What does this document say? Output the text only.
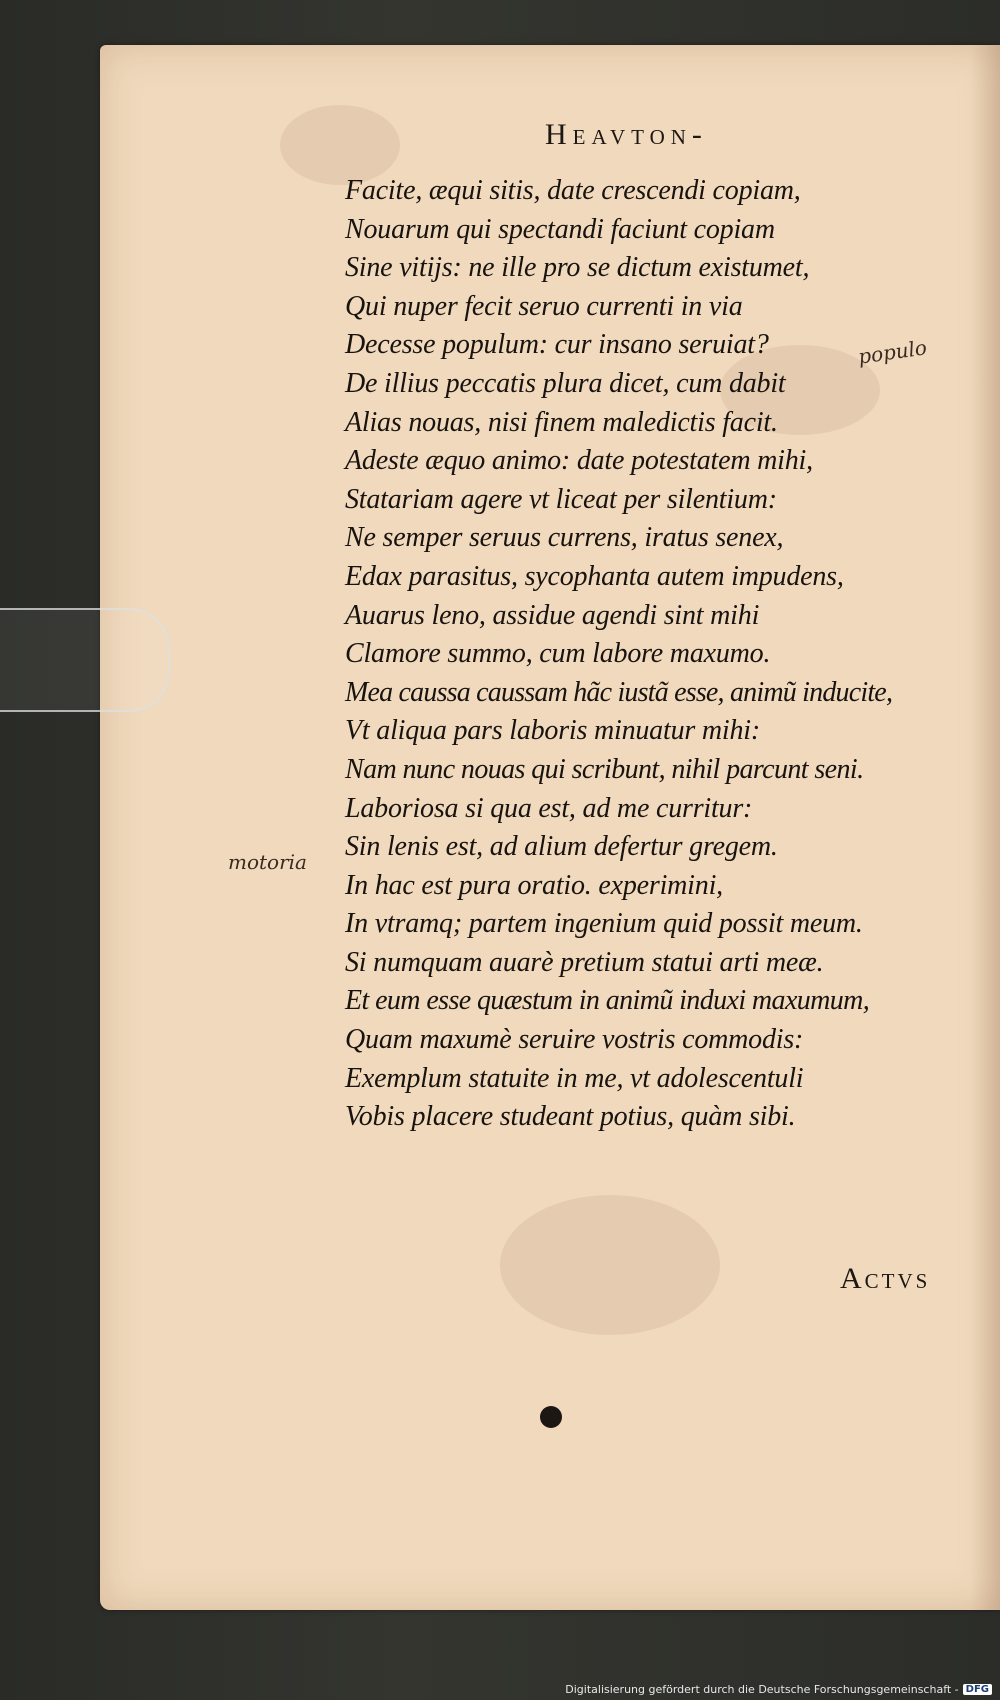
Heavton-
Facite, æqui sitis, date crescendi copiam,
Nouarum qui spectandi faciunt copiam
Sine vitijs: ne ille pro se dictum existumet,
Qui nuper fecit seruo currenti in via
Decesse populum: cur insano seruiat?
De illius peccatis plura dicet, cum dabit
Alias nouas, nisi finem maledictis facit.
Adeste æquo animo: date potestatem mihi,
Statariam agere vt liceat per silentium:
Ne semper seruus currens, iratus senex,
Edax parasitus, sycophanta autem impudens,
Auarus leno, assidue agendi sint mihi
Clamore summo, cum labore maxumo.
Mea caussa caussam hãc iustã esse, animũ inducite,
Vt aliqua pars laboris minuatur mihi:
Nam nunc nouas qui scribunt, nihil parcunt seni.
Laboriosa si qua est, ad me curritur:
Sin lenis est, ad alium defertur gregem.
In hac est pura oratio. experimini,
In vtramq; partem ingenium quid possit meum.
Si numquam auarè pretium statui arti meæ.
Et eum esse quæstum in animũ induxi maxumum,
Quam maxumè seruire vostris commodis:
Exemplum statuite in me, vt adolescentuli
Vobis placere studeant potius, quàm sibi.
motoria
populo
Actvs
Digitalisierung gefördert durch die Deutsche Forschungsgemeinschaft - DFG
